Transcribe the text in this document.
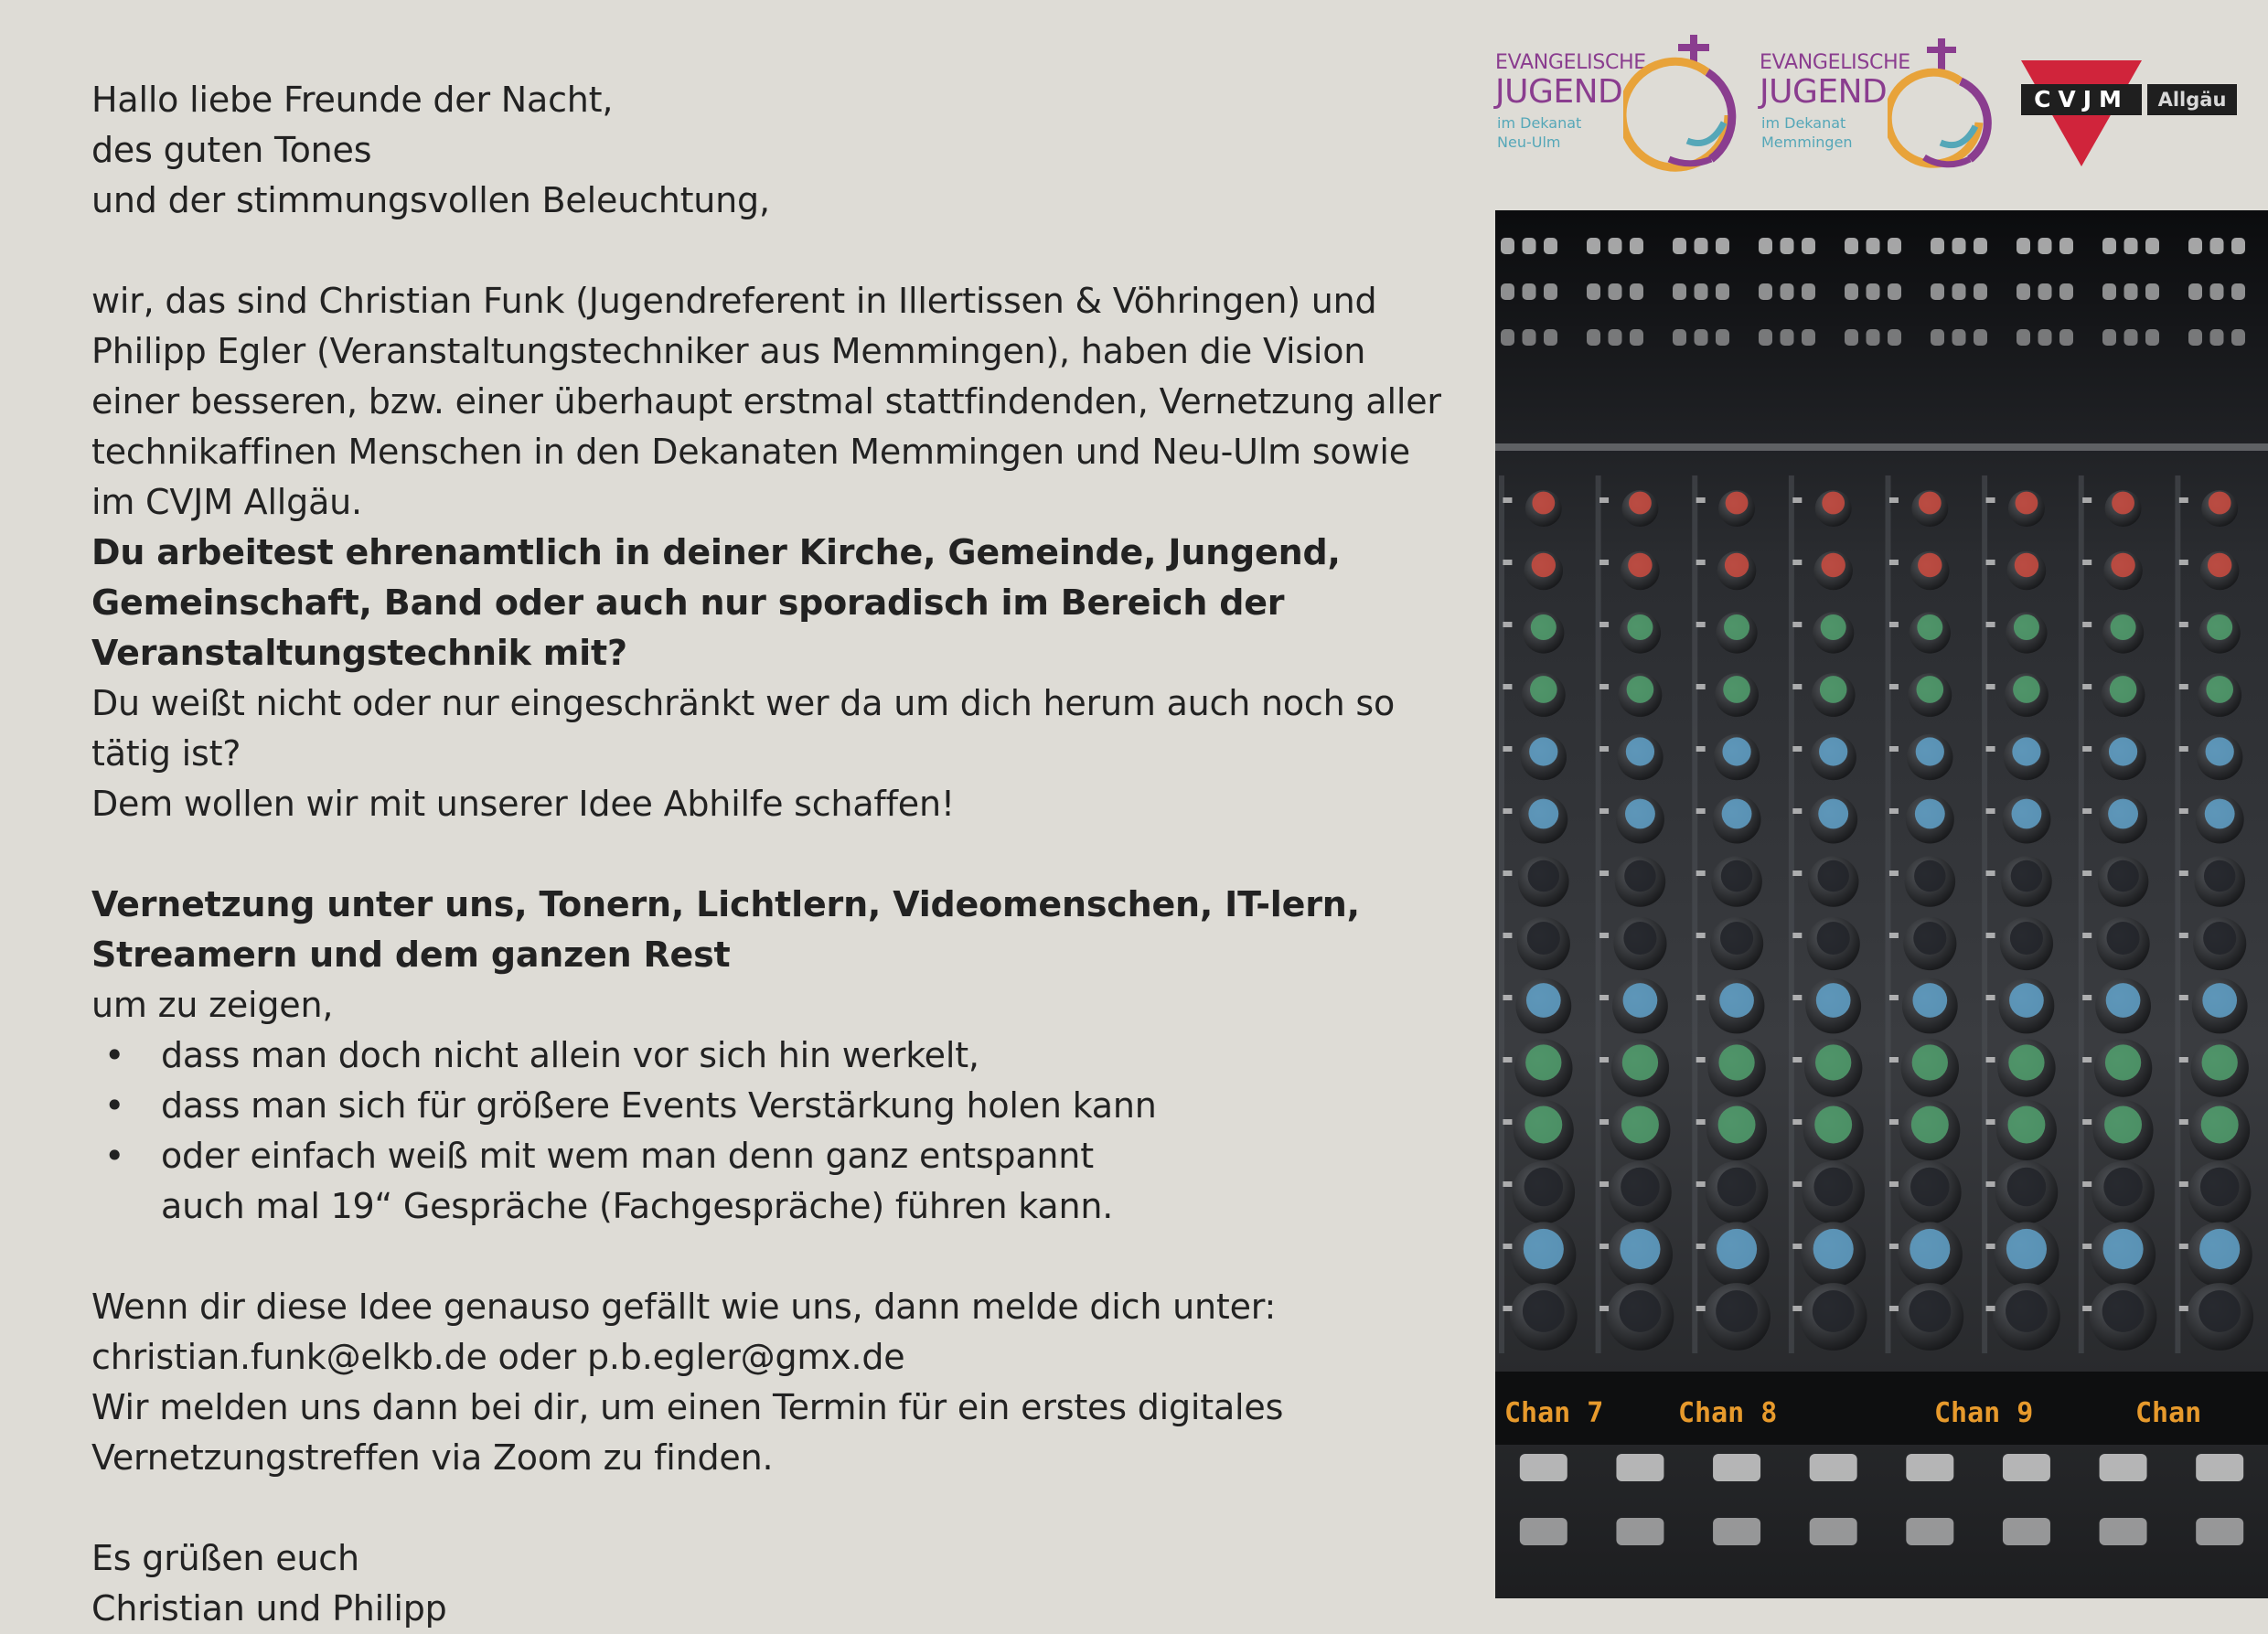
Hallo liebe Freunde der Nacht,

des guten Tones

und der stimmungsvollen Beleuchtung,

wir, das sind Christian Funk (Jugendreferent in Illertissen & Vöhringen) und Philipp Egler (Veranstaltungstechniker aus Memmingen), haben die Vision einer besseren, bzw. einer überhaupt erstmal stattfindenden, Vernetzung aller technikaffinen Menschen in den Dekanaten Memmingen und Neu-Ulm sowie im CVJM Allgäu.

Du arbeitest ehrenamtlich in deiner Kirche, Gemeinde, Jungend, Gemeinschaft, Band oder auch nur sporadisch im Bereich der Veranstaltungstechnik mit?

Du weißt nicht oder nur eingeschränkt wer da um dich herum auch noch so tätig ist?

Dem wollen wir mit unserer Idee Abhilfe schaffen!

Vernetzung unter uns, Tonern, Lichtlern, Videomenschen, IT-lern, Streamern und dem ganzen Rest

um zu zeigen,

• dass man doch nicht allein vor sich hin werkelt,
• dass man sich für größere Events Verstärkung holen kann
• oder einfach weiß mit wem man denn ganz entspannt auch mal 19“ Gespräche (Fachgespräche) führen kann.

Wenn dir diese Idee genauso gefällt wie uns, dann melde dich unter:

christian.funk@elkb.de oder p.b.egler@gmx.de

Wir melden uns dann bei dir, um einen Termin für ein erstes digitales Vernetzungstreffen via Zoom zu finden.

Es grüßen euch

Christian und Philipp

EVANGELISCHE
JUGEND
im Dekanat
Neu-Ulm
EVANGELISCHE
JUGEND
im Dekanat
Memmingen
CVJM	Allgäu
Chan 7	Chan 8	Chan 9	Chan
